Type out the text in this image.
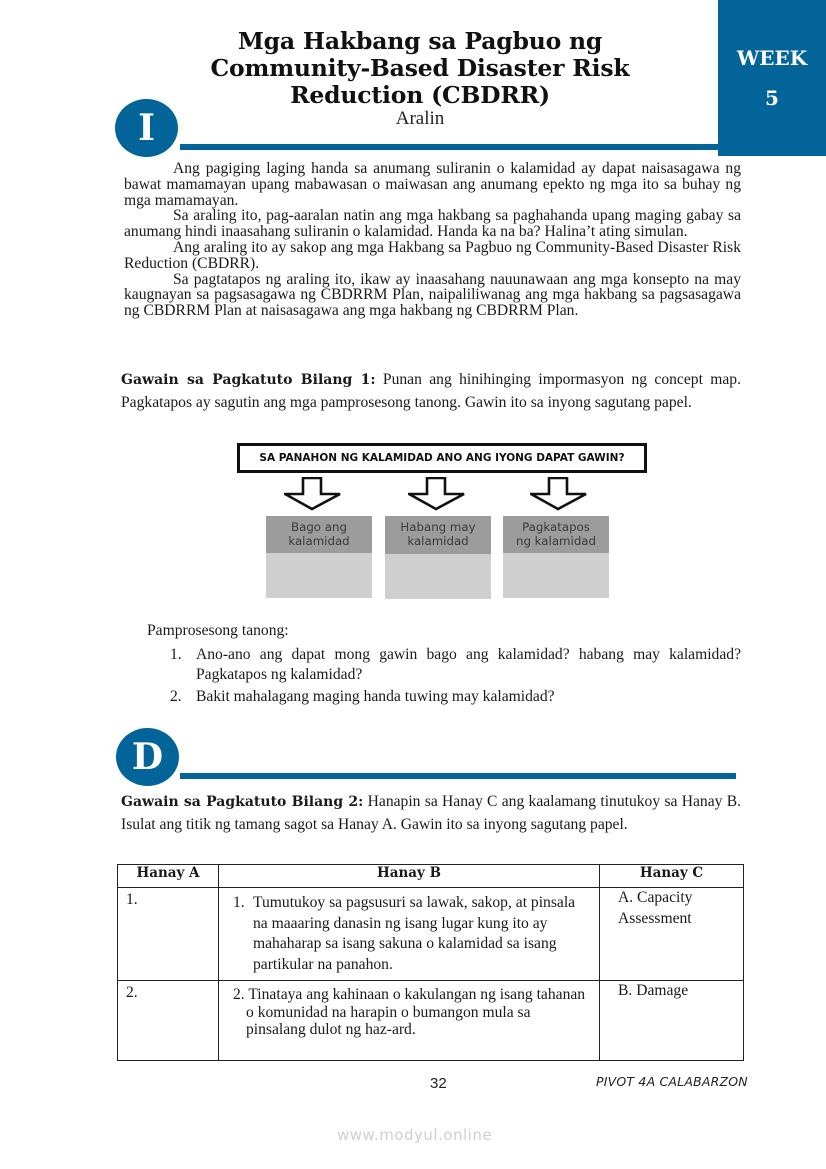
Mga Hakbang sa Pagbuo ng
Community-Based Disaster Risk
Reduction (CBDRR)
Aralin
WEEK
5
I

Ang pagiging laging handa sa anumang suliranin o kalamidad ay dapat naisasagawa ng bawat mamamayan upang mabawasan o maiwasan ang anumang epekto ng mga ito sa buhay ng mga mamamayan.

Sa araling ito, pag-aaralan natin ang mga hakbang sa paghahanda upang maging gabay sa anumang hindi inaasahang suliranin o kalamidad. Handa ka na ba? Halina’t ating simulan.

Ang araling ito ay sakop ang mga Hakbang sa Pagbuo ng Community-Based Disaster Risk Reduction (CBDRR).

Sa pagtatapos ng araling ito, ikaw ay inaasahang nauunawaan ang mga konsepto na may kaugnayan sa pagsasagawa ng CBDRRM Plan, naipaliliwanag ang mga hakbang sa pagsasagawa ng CBDRRM Plan at naisasagawa ang mga hakbang ng CBDRRM Plan.

Gawain sa Pagkatuto Bilang 1: Punan ang hinihinging impormasyon ng concept map. Pagkatapos ay sagutin ang mga pamprosesong tanong. Gawin ito sa inyong sagutang papel.
SA PANAHON NG KALAMIDAD ANO ANG IYONG DAPAT GAWIN?
Bago ang
kalamidad
Habang may
kalamidad
Pagkatapos
ng kalamidad
Pamprosesong tanong:
1. Ano-ano ang dapat mong gawin bago ang kalamidad? habang may kalamidad? Pagkatapos ng kalamidad?
2. Bakit mahalagang maging handa tuwing may kalamidad?
D
Gawain sa Pagkatuto Bilang 2: Hanapin sa Hanay C ang kaalamang tinutukoy sa Hanay B. Isulat ang titik ng tamang sagot sa Hanay A. Gawin ito sa inyong sagutang papel.
Hanay A	Hanay B	Hanay C
1.	1. Tumutukoy sa pagsusuri sa lawak, sakop, at pinsala na maaaring danasin ng isang lugar kung ito ay mahaharap sa isang sakuna o kalamidad sa isang partikular na panahon.	A. Capacity Assessment
2.	2. Tinataya ang kahinaan o kakulangan ng isang tahanan o komunidad na harapin o bumangon mula sa pinsalang dulot ng haz-ard.	B. Damage
32	PIVOT 4A CALABARZON
www.modyul.online
